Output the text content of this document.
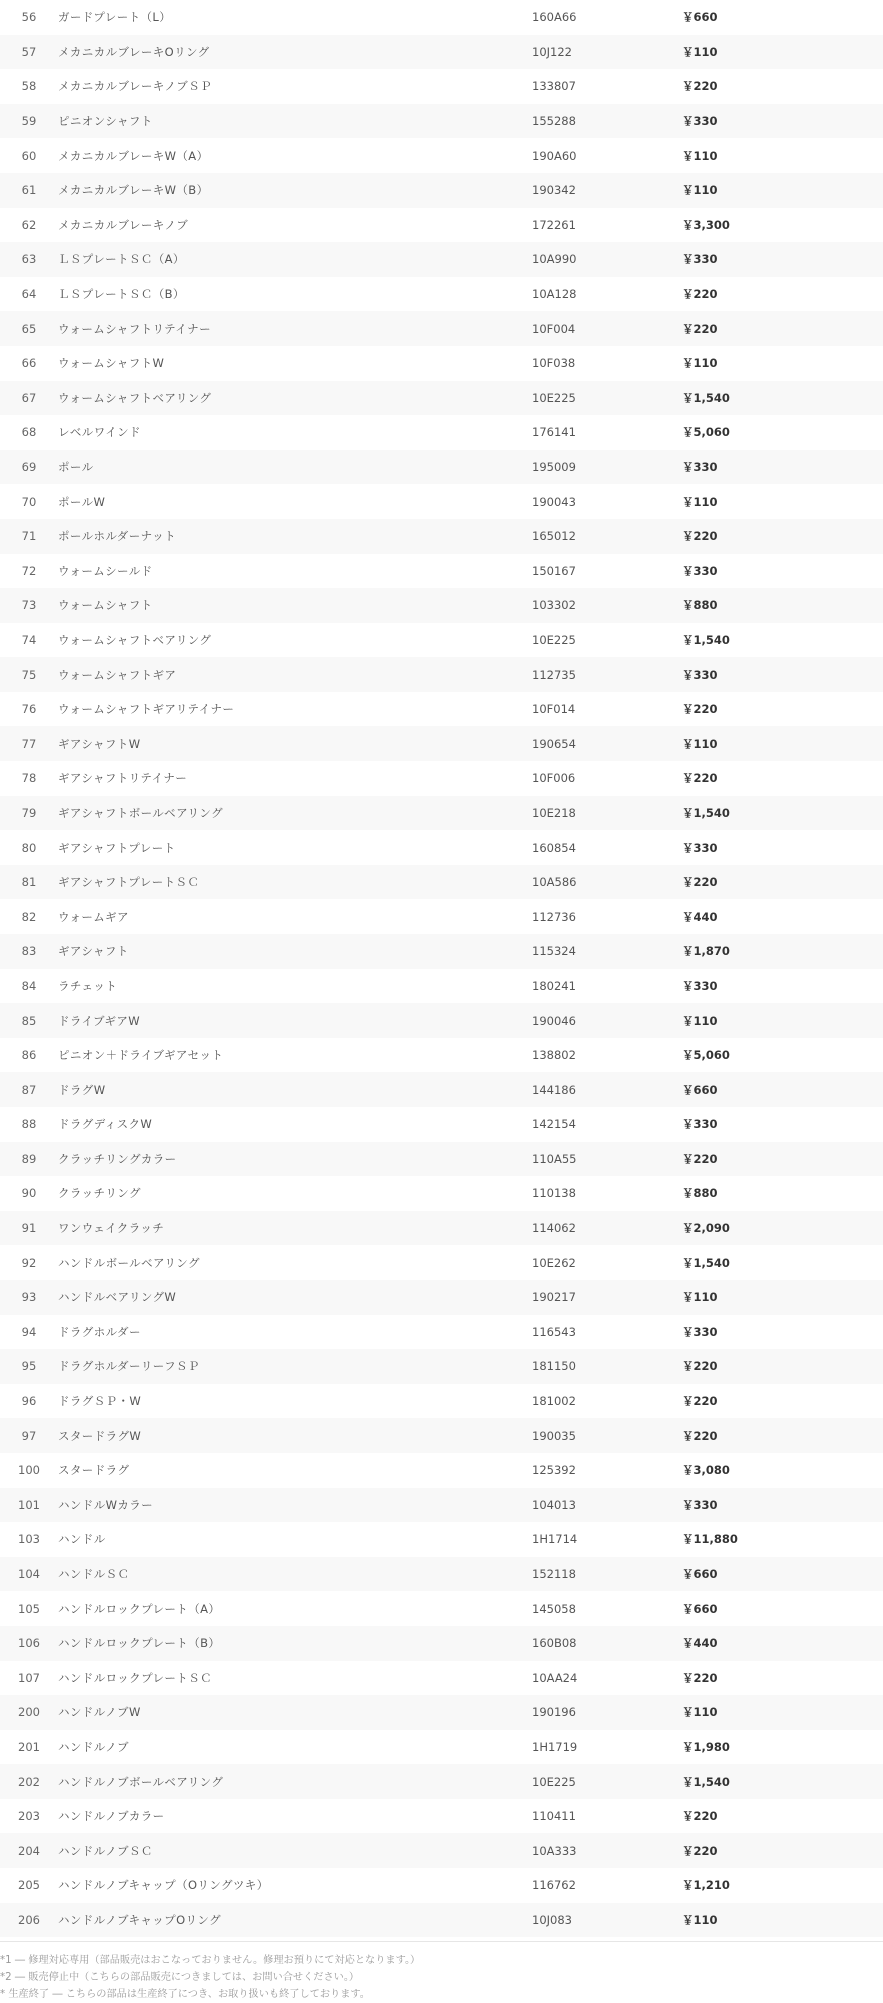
56	ガードプレート（L）	160A66	￥660
57	メカニカルブレーキOリング	10J122	￥110
58	メカニカルブレーキノブＳＰ	133807	￥220
59	ピニオンシャフト	155288	￥330
60	メカニカルブレーキW（A）	190A60	￥110
61	メカニカルブレーキW（B）	190342	￥110
62	メカニカルブレーキノブ	172261	￥3,300
63	ＬＳプレートＳＣ（A）	10A990	￥330
64	ＬＳプレートＳＣ（B）	10A128	￥220
65	ウォームシャフトリテイナー	10F004	￥220
66	ウォームシャフトW	10F038	￥110
67	ウォームシャフトベアリング	10E225	￥1,540
68	レベルワインド	176141	￥5,060
69	ポール	195009	￥330
70	ポールW	190043	￥110
71	ポールホルダーナット	165012	￥220
72	ウォームシールド	150167	￥330
73	ウォームシャフト	103302	￥880
74	ウォームシャフトベアリング	10E225	￥1,540
75	ウォームシャフトギア	112735	￥330
76	ウォームシャフトギアリテイナー	10F014	￥220
77	ギアシャフトW	190654	￥110
78	ギアシャフトリテイナー	10F006	￥220
79	ギアシャフトボールベアリング	10E218	￥1,540
80	ギアシャフトプレート	160854	￥330
81	ギアシャフトプレートＳＣ	10A586	￥220
82	ウォームギア	112736	￥440
83	ギアシャフト	115324	￥1,870
84	ラチェット	180241	￥330
85	ドライブギアW	190046	￥110
86	ピニオン＋ドライブギアセット	138802	￥5,060
87	ドラグW	144186	￥660
88	ドラグディスクW	142154	￥330
89	クラッチリングカラー	110A55	￥220
90	クラッチリング	110138	￥880
91	ワンウェイクラッチ	114062	￥2,090
92	ハンドルボールベアリング	10E262	￥1,540
93	ハンドルベアリングW	190217	￥110
94	ドラグホルダー	116543	￥330
95	ドラグホルダーリーフＳＰ	181150	￥220
96	ドラグＳＰ・W	181002	￥220
97	スタードラグW	190035	￥220
100	スタードラグ	125392	￥3,080
101	ハンドルWカラー	104013	￥330
103	ハンドル	1H1714	￥11,880
104	ハンドルＳＣ	152118	￥660
105	ハンドルロックプレート（A）	145058	￥660
106	ハンドルロックプレート（B）	160B08	￥440
107	ハンドルロックプレートＳＣ	10AA24	￥220
200	ハンドルノブW	190196	￥110
201	ハンドルノブ	1H1719	￥1,980
202	ハンドルノブボールベアリング	10E225	￥1,540
203	ハンドルノブカラー	110411	￥220
204	ハンドルノブＳＣ	10A333	￥220
205	ハンドルノブキャップ（Oリングツキ）	116762	￥1,210
206	ハンドルノブキャップOリング	10J083	￥110
*1 ― 修理対応専用（部品販売はおこなっておりません。修理お預りにて対応となります。）
*2 ― 販売停止中（こちらの部品販売につきましては、お問い合せください。）
* 生産終了 ― こちらの部品は生産終了につき、お取り扱いも終了しております。
